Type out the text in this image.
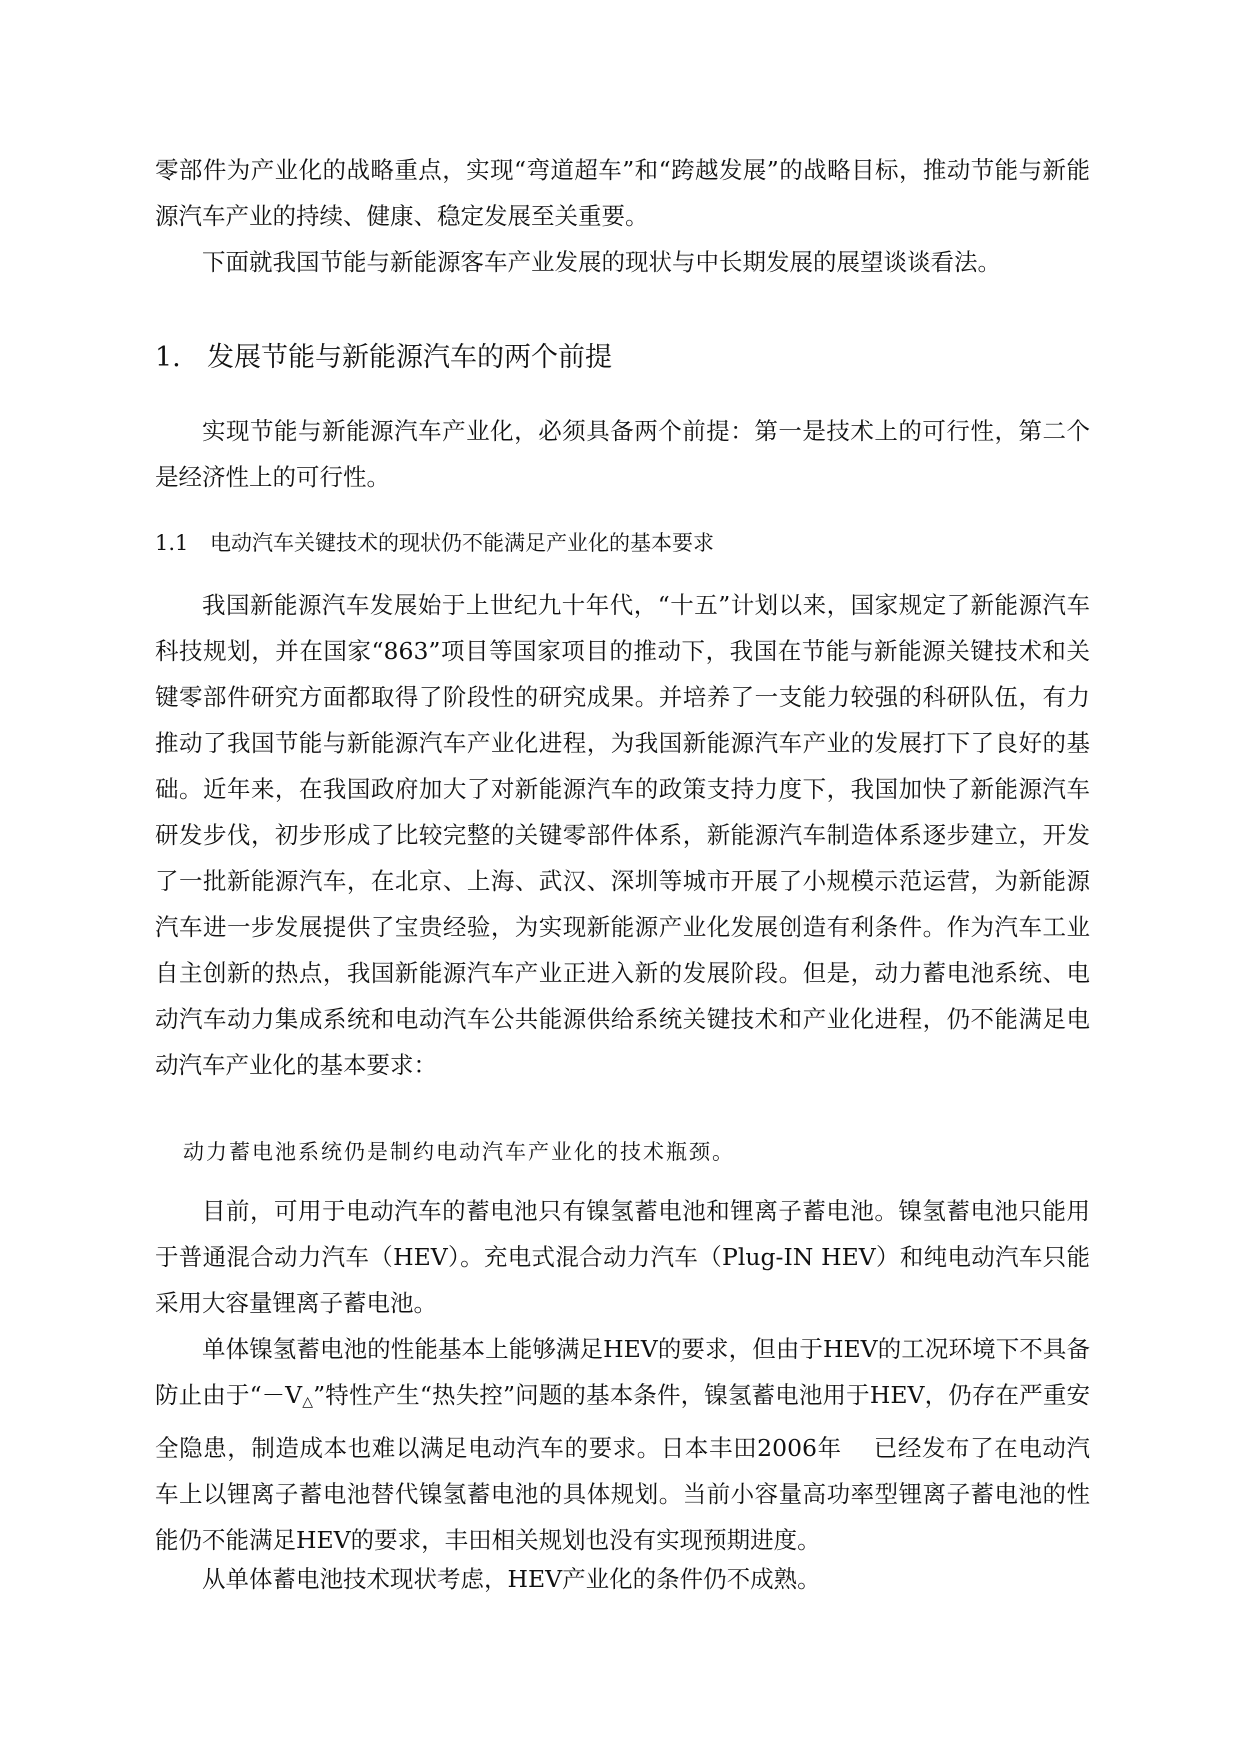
零部件为产业化的战略重点，实现“弯道超车”和“跨越发展”的战略目标，推动节能与新能源汽车产业的持续、健康、稳定发展至关重要。

下面就我国节能与新能源客车产业发展的现状与中长期发展的展望谈谈看法。

1. 发展节能与新能源汽车的两个前提

实现节能与新能源汽车产业化，必须具备两个前提：第一是技术上的可行性，第二个是经济性上的可行性。

1.1 电动汽车关键技术的现状仍不能满足产业化的基本要求

我国新能源汽车发展始于上世纪九十年代，“十五”计划以来，国家规定了新能源汽车科技规划，并在国家“863”项目等国家项目的推动下，我国在节能与新能源关键技术和关键零部件研究方面都取得了阶段性的研究成果。并培养了一支能力较强的科研队伍，有力推动了我国节能与新能源汽车产业化进程，为我国新能源汽车产业的发展打下了良好的基础。近年来，在我国政府加大了对新能源汽车的政策支持力度下，我国加快了新能源汽车研发步伐，初步形成了比较完整的关键零部件体系，新能源汽车制造体系逐步建立，开发了一批新能源汽车，在北京、上海、武汉、深圳等城市开展了小规模示范运营，为新能源汽车进一步发展提供了宝贵经验，为实现新能源产业化发展创造有利条件。作为汽车工业自主创新的热点，我国新能源汽车产业正进入新的发展阶段。但是，动力蓄电池系统、电动汽车动力集成系统和电动汽车公共能源供给系统关键技术和产业化进程，仍不能满足电动汽车产业化的基本要求：

动力蓄电池系统仍是制约电动汽车产业化的技术瓶颈。

目前，可用于电动汽车的蓄电池只有镍氢蓄电池和锂离子蓄电池。镍氢蓄电池只能用于普通混合动力汽车（HEV）。充电式混合动力汽车（Plug-IN HEV）和纯电动汽车只能采用大容量锂离子蓄电池。

单体镍氢蓄电池的性能基本上能够满足HEV的要求，但由于HEV的工况环境下不具备防止由于“－V△”特性产生“热失控”问题的基本条件，镍氢蓄电池用于HEV，仍存在严重安全隐患，制造成本也难以满足电动汽车的要求。日本丰田2006年　 已经发布了在电动汽车上以锂离子蓄电池替代镍氢蓄电池的具体规划。当前小容量高功率型锂离子蓄电池的性能仍不能满足HEV的要求，丰田相关规划也没有实现预期进度。

从单体蓄电池技术现状考虑，HEV产业化的条件仍不成熟。
